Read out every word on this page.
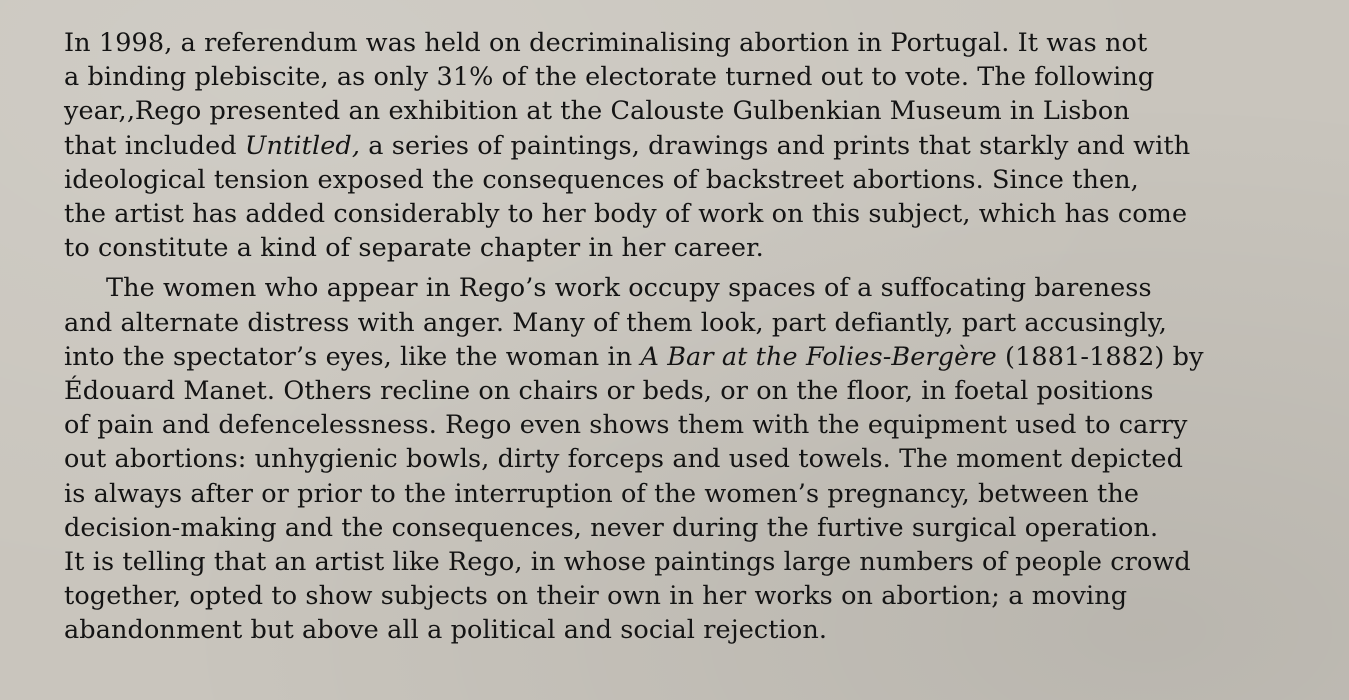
In 1998, a referendum was held on decriminalising abortion in Portugal. It was not
a binding plebiscite, as only 31% of the electorate turned out to vote. The following
year,‚Rego presented an exhibition at the Calouste Gulbenkian Museum in Lisbon
that included Untitled, a series of paintings, drawings and prints that starkly and with
ideological tension exposed the consequences of backstreet abortions. Since then,
the artist has added considerably to her body of work on this subject, which has come
to constitute a kind of separate chapter in her career.

The women who appear in Rego’s work occupy spaces of a suffocating bareness
and alternate distress with anger. Many of them look, part defiantly, part accusingly,
into the spectator’s eyes, like the woman in A Bar at the Folies-Bergère (1881-1882) by
Édouard Manet. Others recline on chairs or beds, or on the floor, in foetal positions
of pain and defencelessness. Rego even shows them with the equipment used to carry
out abortions: unhygienic bowls, dirty forceps and used towels. The moment depicted
is always after or prior to the interruption of the women’s pregnancy, between the
decision-making and the consequences, never during the furtive surgical operation.
It is telling that an artist like Rego, in whose paintings large numbers of people crowd
together, opted to show subjects on their own in her works on abortion; a moving
abandonment but above all a political and social rejection.
